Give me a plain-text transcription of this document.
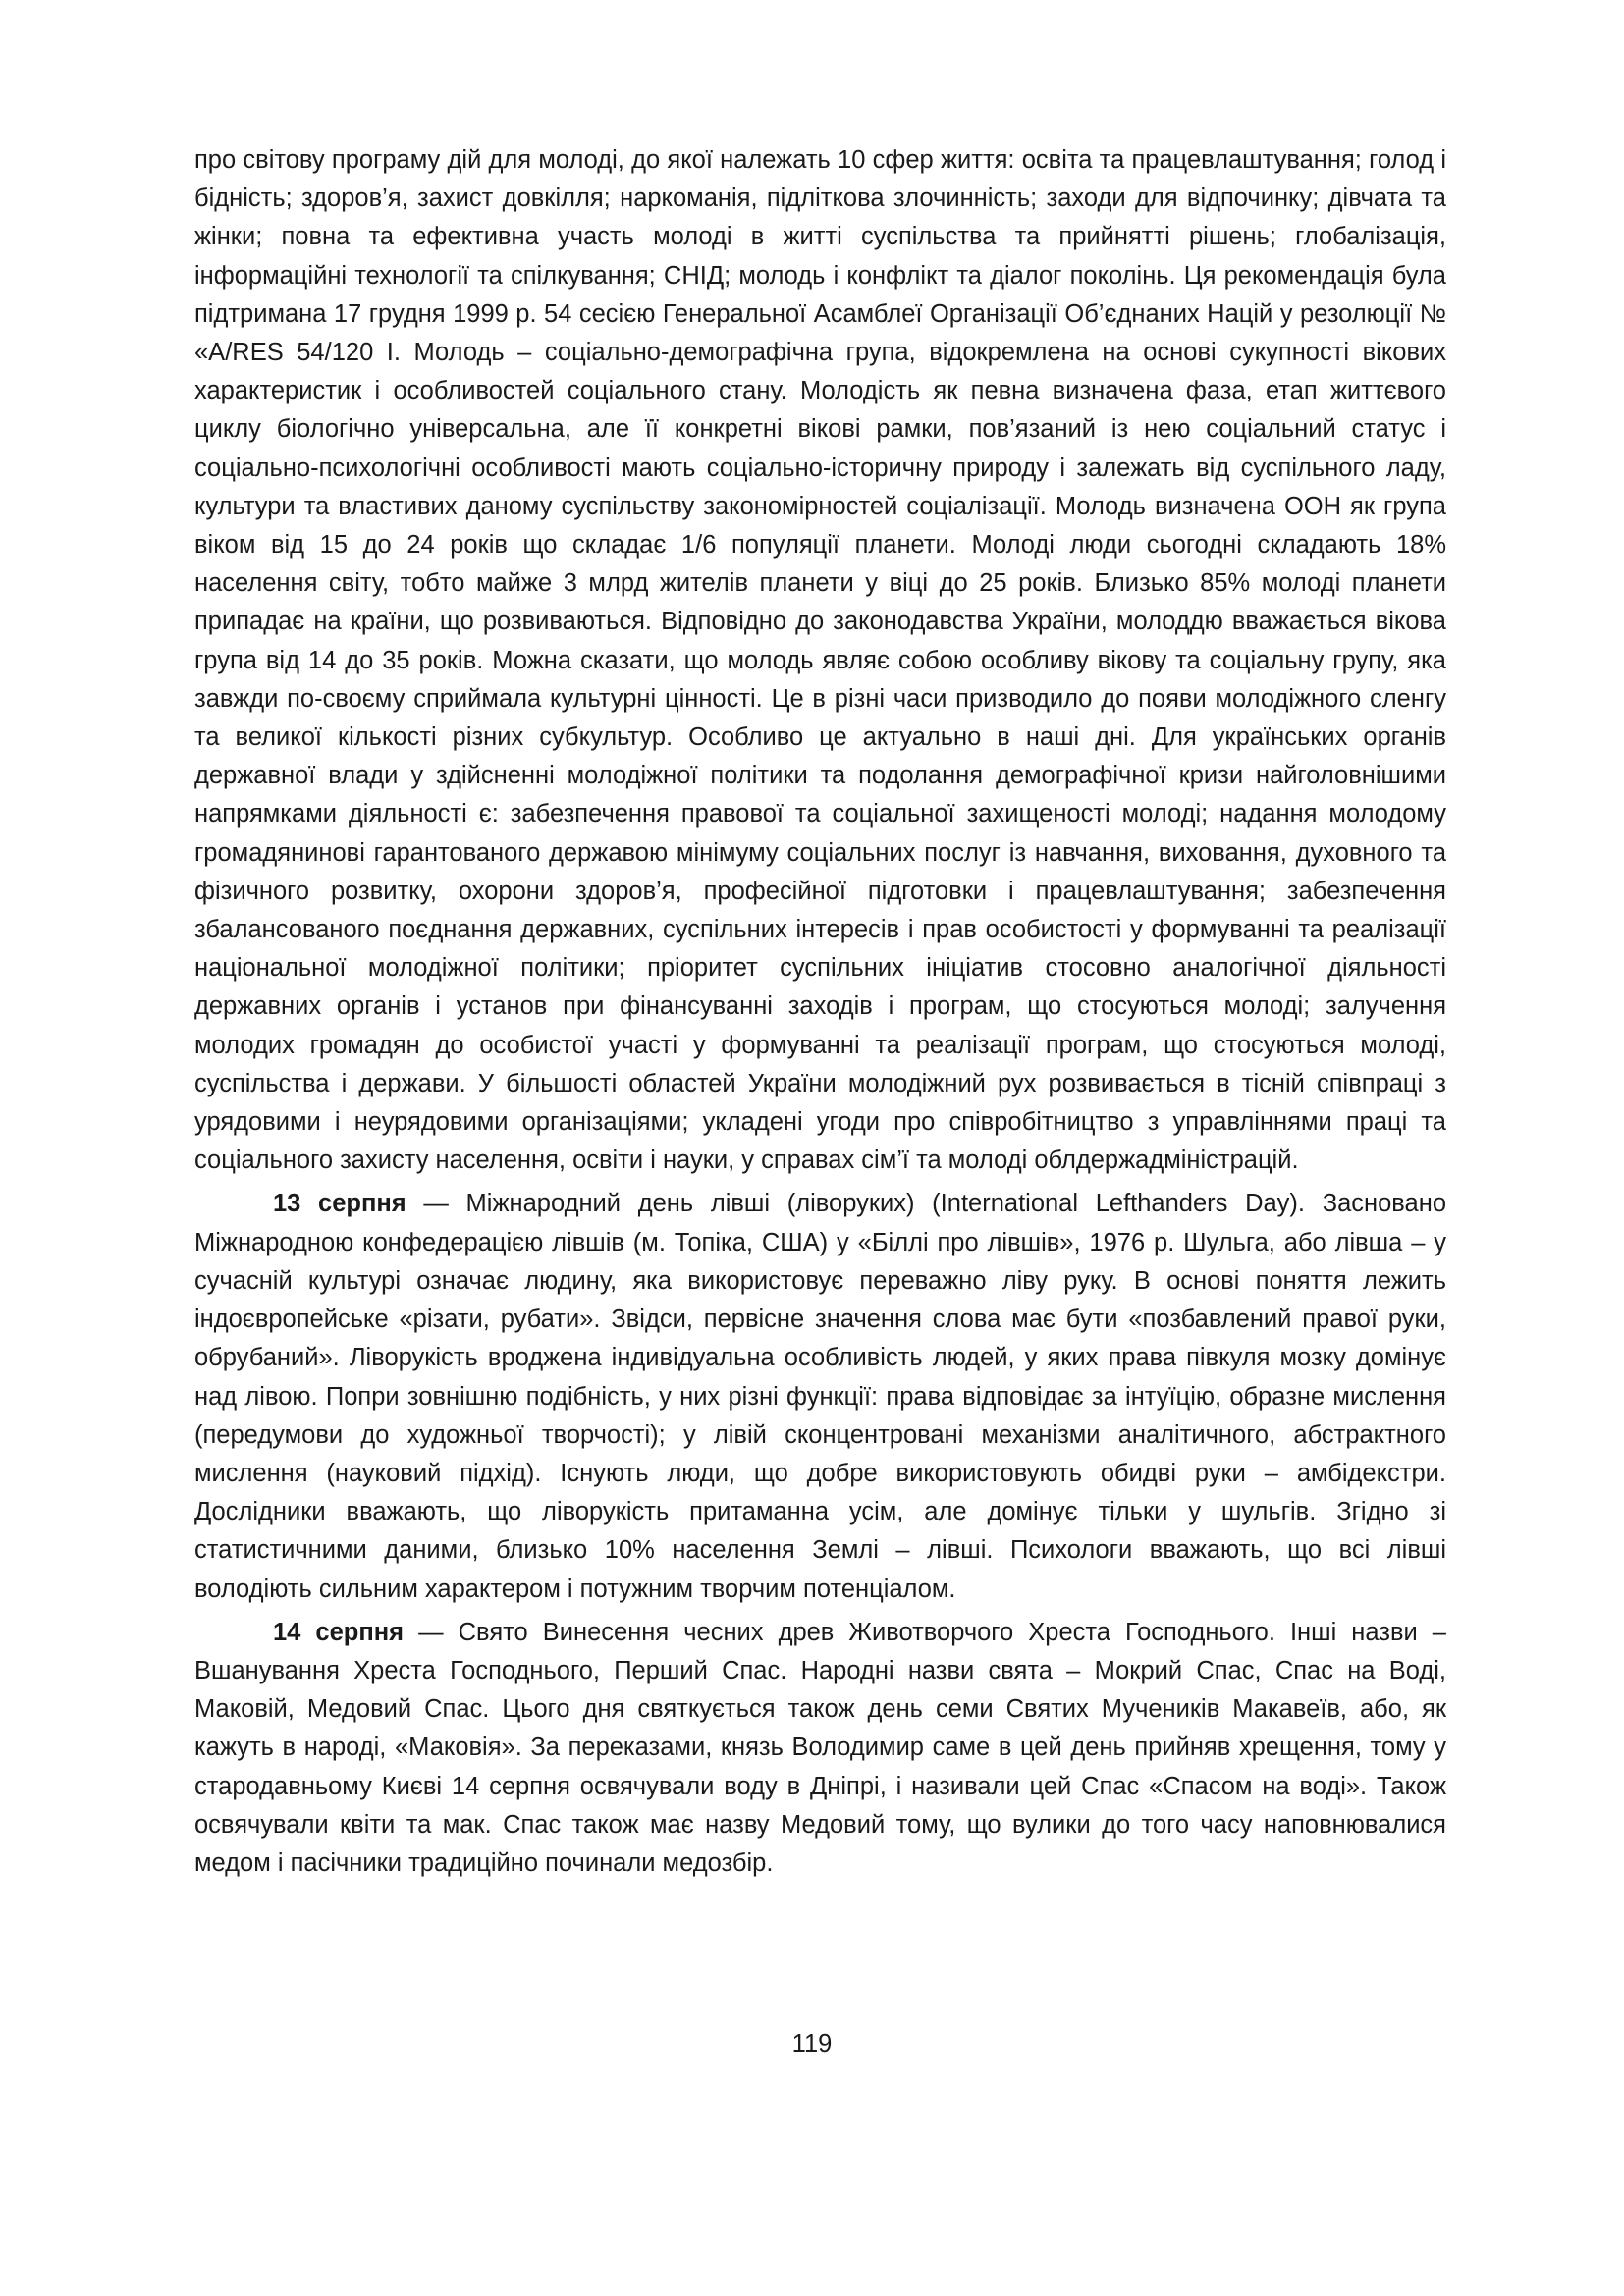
про світову програму дій для молоді, до якої належать 10 сфер життя: освіта та працевлаштування; голод і бідність; здоров’я, захист довкілля; наркоманія, підліткова злочинність; заходи для відпочинку; дівчата та жінки; повна та ефективна участь молоді в житті суспільства та прийнятті рішень; глобалізація, інформаційні технології та спілкування; СНІД; молодь і конфлікт та діалог поколінь. Ця рекомендація була підтримана 17 грудня 1999 р. 54 сесією Генеральної Асамблеї Організації Об’єднаних Націй у резолюції № «A/RES 54/120 I. Молодь – соціально-демографічна група, відокремлена на основі сукупності вікових характеристик і особливостей соціального стану. Молодість як певна визначена фаза, етап життєвого циклу біологічно універсальна, але її конкретні вікові рамки, пов’язаний із нею соціальний статус і соціально-психологічні особливості мають соціально-історичну природу і залежать від суспільного ладу, культури та властивих даному суспільству закономірностей соціалізації. Молодь визначена ООН як група віком від 15 до 24 років що складає 1/6 популяції планети. Молоді люди сьогодні складають 18% населення світу, тобто майже 3 млрд жителів планети у віці до 25 років. Близько 85% молоді планети припадає на країни, що розвиваються. Відповідно до законодавства України, молоддю вважається вікова група від 14 до 35 років. Можна сказати, що молодь являє собою особливу вікову та соціальну групу, яка завжди по-своєму сприймала культурні цінності. Це в різні часи призводило до появи молодіжного сленгу та великої кількості різних субкультур. Особливо це актуально в наші дні. Для українських органів державної влади у здійсненні молодіжної політики та подолання демографічної кризи найголовнішими напрямками діяльності є: забезпечення правової та соціальної захищеності молоді; надання молодому громадянинові гарантованого державою мінімуму соціальних послуг із навчання, виховання, духовного та фізичного розвитку, охорони здоров’я, професійної підготовки і працевлаштування; забезпечення збалансованого поєднання державних, суспільних інтересів і прав особистості у формуванні та реалізації національної молодіжної політики; пріоритет суспільних ініціатив стосовно аналогічної діяльності державних органів і установ при фінансуванні заходів і програм, що стосуються молоді; залучення молодих громадян до особистої участі у формуванні та реалізації програм, що стосуються молоді, суспільства і держави. У більшості областей України молодіжний рух розвивається в тісній співпраці з урядовими і неурядовими організаціями; укладені угоди про співробітництво з управліннями праці та соціального захисту населення, освіти і науки, у справах сім’ї та молоді облдержадміністрацій.

13 серпня — Міжнародний день лівші (ліворуких) (International Lefthanders Day). Засновано Міжнародною конфедерацією лівшів (м. Топіка, США) у «Біллі про лівшів», 1976 р. Шульга, або лівша – у сучасній культурі означає людину, яка використовує переважно ліву руку. В основі поняття лежить індоєвропейське «різати, рубати». Звідси, первісне значення слова має бути «позбавлений правої руки, обрубаний». Ліворукість вроджена індивідуальна особливість людей, у яких права півкуля мозку домінує над лівою. Попри зовнішню подібність, у них різні функції: права відповідає за інтуїцію, образне мислення (передумови до художньої творчості); у лівій сконцентровані механізми аналітичного, абстрактного мислення (науковий підхід). Існують люди, що добре використовують обидві руки – амбідекстри. Дослідники вважають, що ліворукість притаманна усім, але домінує тільки у шульгів. Згідно зі статистичними даними, близько 10% населення Землі – лівші. Психологи вважають, що всі лівші володіють сильним характером і потужним творчим потенціалом.

14 серпня — Свято Винесення чесних древ Животворчого Хреста Господнього. Інші назви – Вшанування Хреста Господнього, Перший Спас. Народні назви свята – Мокрий Спас, Спас на Воді, Маковій, Медовий Спас. Цього дня святкується також день семи Святих Мучеників Макавеїв, або, як кажуть в народі, «Маковія». За переказами, князь Володимир саме в цей день прийняв хрещення, тому у стародавньому Києві 14 серпня освячували воду в Дніпрі, і називали цей Спас «Спасом на воді». Також освячували квіти та мак. Спас також має назву Медовий тому, що вулики до того часу наповнювалися медом і пасічники традиційно починали медозбір.

119
